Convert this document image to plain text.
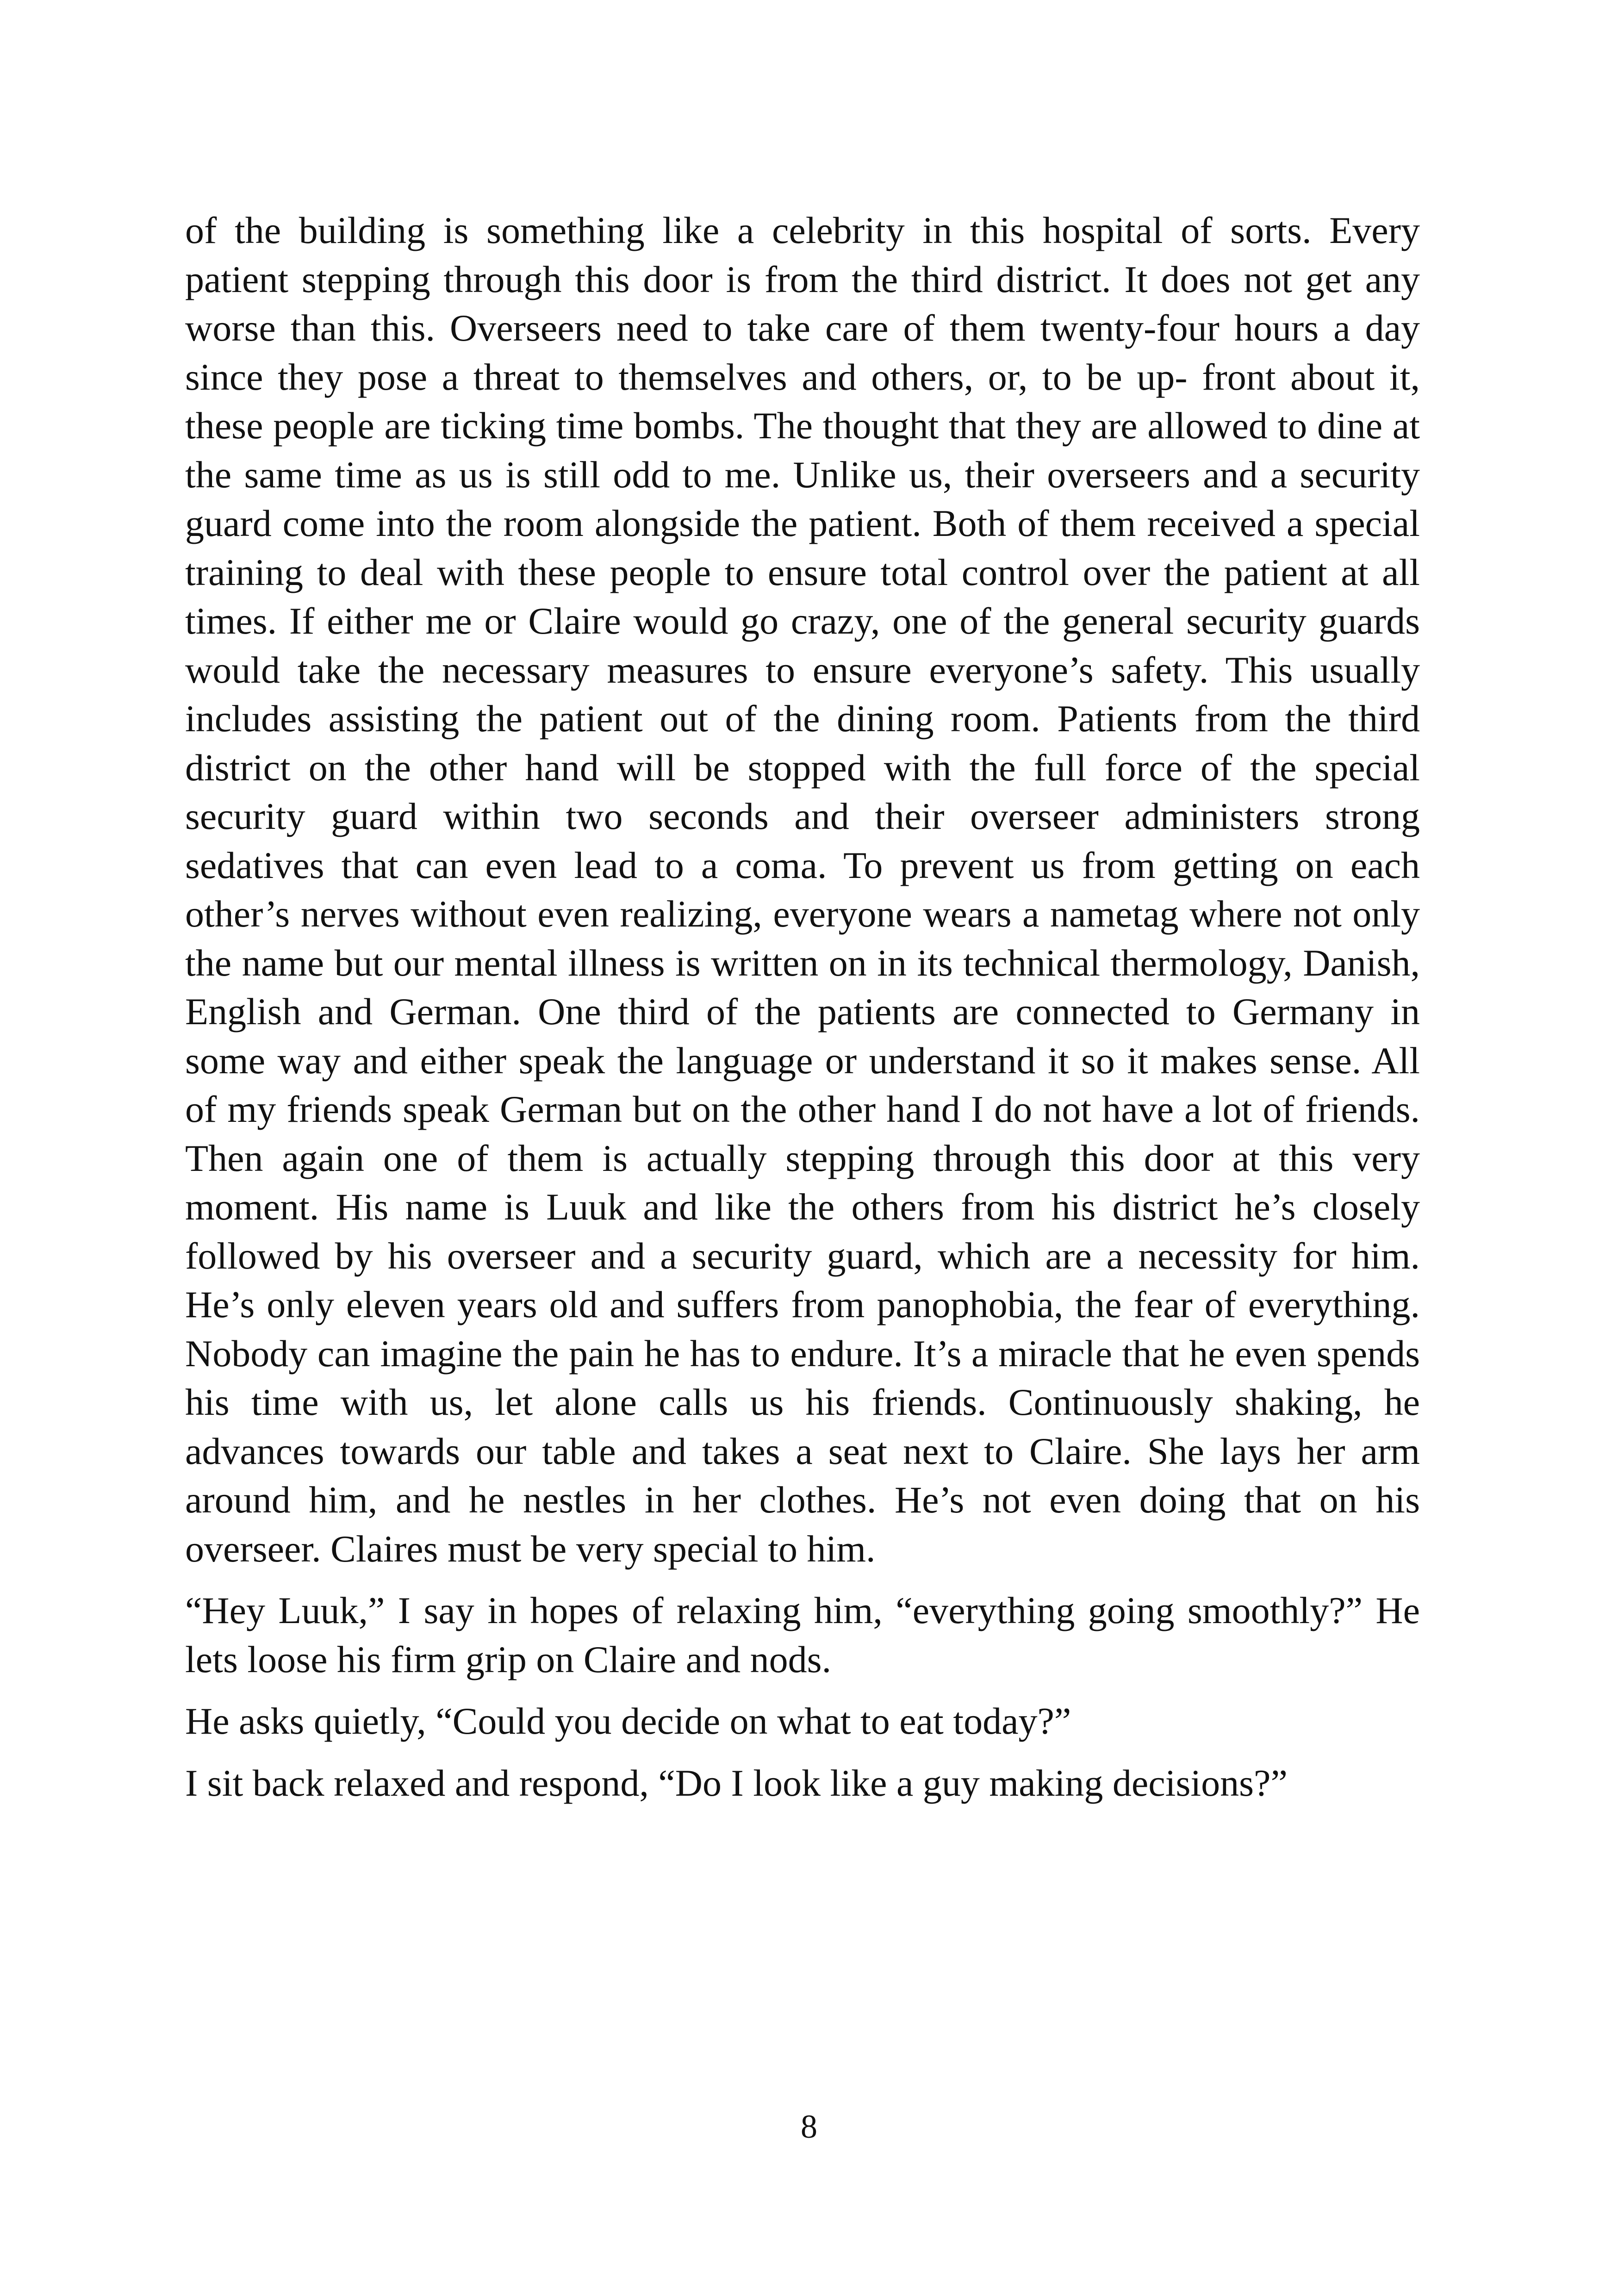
of the building is something like a celebrity in this hospital of sorts. Every patient stepping through this door is from the third district. It does not get any worse than this. Overseers need to take care of them twenty-four hours a day since they pose a threat to themselves and others, or, to be up- front about it, these people are ticking time bombs. The thought that they are allowed to dine at the same time as us is still odd to me. Unlike us, their overseers and a security guard come into the room alongside the patient. Both of them received a special training to deal with these people to ensure total control over the patient at all times. If either me or Claire would go crazy, one of the general security guards would take the necessary measures to ensure everyone’s safety. This usually includes assisting the patient out of the dining room. Patients from the third district on the other hand will be stopped with the full force of the special security guard within two seconds and their overseer administers strong sedatives that can even lead to a coma. To prevent us from getting on each other’s nerves without even realizing, everyone wears a nametag where not only the name but our mental illness is written on in its technical thermology, Danish, English and German. One third of the patients are connected to Germany in some way and either speak the language or understand it so it makes sense. All of my friends speak German but on the other hand I do not have a lot of friends. Then again one of them is actually stepping through this door at this very moment. His name is Luuk and like the others from his district he’s closely followed by his overseer and a security guard, which are a necessity for him. He’s only eleven years old and suffers from panophobia, the fear of everything. Nobody can imagine the pain he has to endure. It’s a miracle that he even spends his time with us, let alone calls us his friends. Continuously shaking, he advances towards our table and takes a seat next to Claire. She lays her arm around him, and he nestles in her clothes. He’s not even doing that on his overseer. Claires must be very special to him.

“Hey Luuk,” I say in hopes of relaxing him, “everything going smoothly?” He lets loose his firm grip on Claire and nods.

He asks quietly, “Could you decide on what to eat today?”

I sit back relaxed and respond, “Do I look like a guy making decisions?”

8
